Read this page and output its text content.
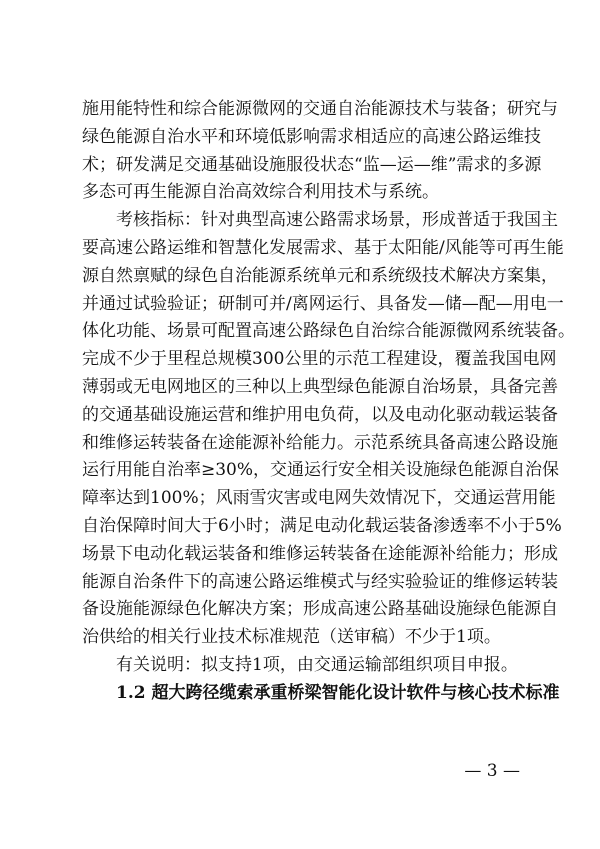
施用能特性和综合能源微网的交通自治能源技术与装备；研究与
绿色能源自治水平和环境低影响需求相适应的高速公路运维技
术；研发满足交通基础设施服役状态“监—运—维”需求的多源
多态可再生能源自治高效综合利用技术与系统。
考核指标：针对典型高速公路需求场景，形成普适于我国主
要高速公路运维和智慧化发展需求、基于太阳能/风能等可再生能
源自然禀赋的绿色自治能源系统单元和系统级技术解决方案集，
并通过试验验证；研制可并/离网运行、具备发—储—配—用电一
体化功能、场景可配置高速公路绿色自治综合能源微网系统装备。
完成不少于里程总规模300公里的示范工程建设，覆盖我国电网
薄弱或无电网地区的三种以上典型绿色能源自治场景，具备完善
的交通基础设施运营和维护用电负荷，以及电动化驱动载运装备
和维修运转装备在途能源补给能力。示范系统具备高速公路设施
运行用能自治率≥30%，交通运行安全相关设施绿色能源自治保
障率达到100%；风雨雪灾害或电网失效情况下，交通运营用能
自治保障时间大于6小时；满足电动化载运装备渗透率不小于5%
场景下电动化载运装备和维修运转装备在途能源补给能力；形成
能源自治条件下的高速公路运维模式与经实验验证的维修运转装
备设施能源绿色化解决方案；形成高速公路基础设施绿色能源自
治供给的相关行业技术标准规范（送审稿）不少于1项。
有关说明：拟支持1项，由交通运输部组织项目申报。
1.2 超大跨径缆索承重桥梁智能化设计软件与核心技术标准
— 3 —
